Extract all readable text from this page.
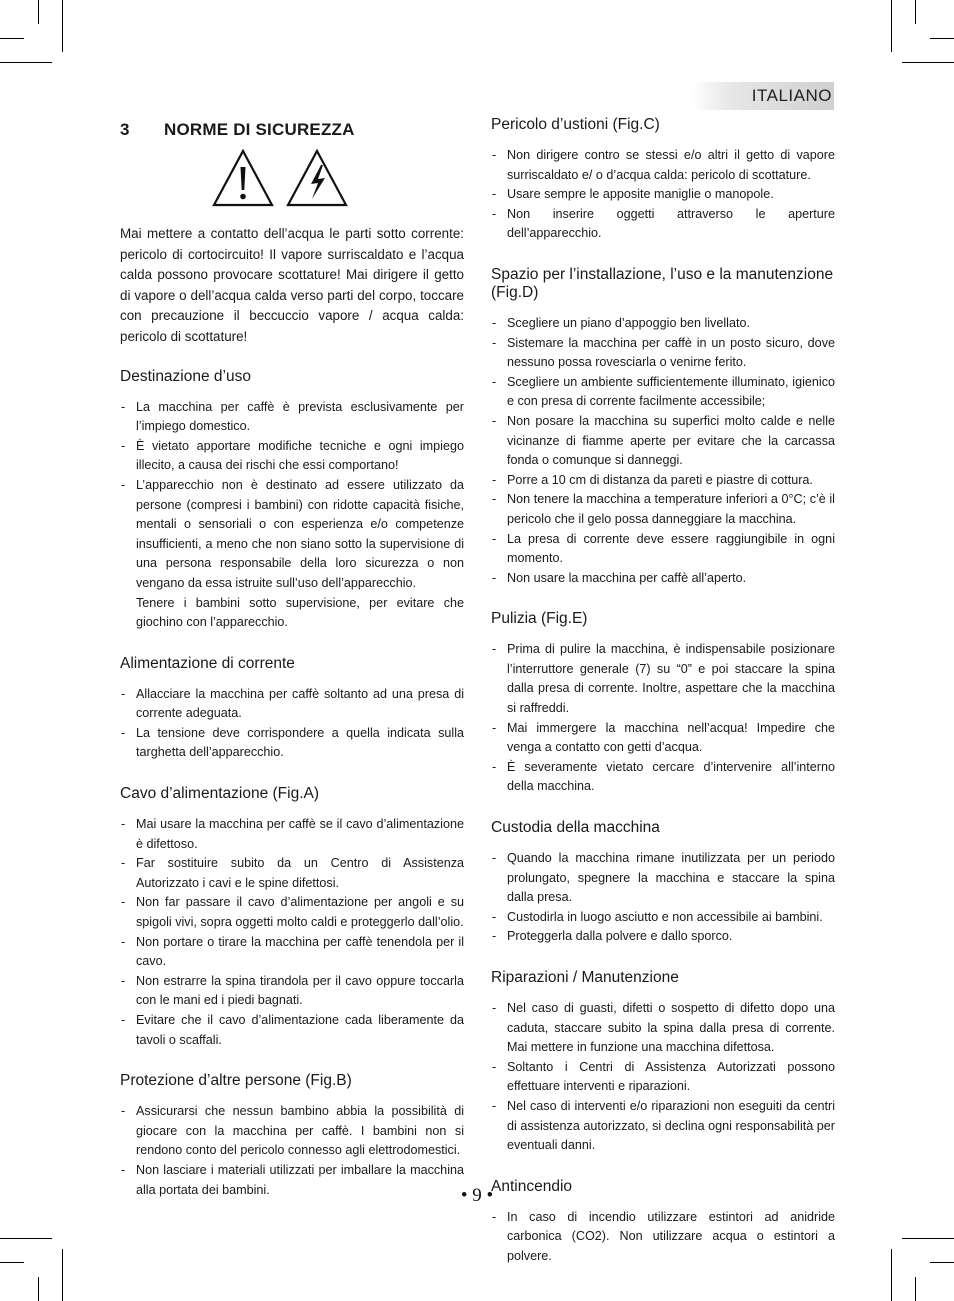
ITALIANO
3 NORME DI SICUREZZA

Mai mettere a contatto dell’acqua le parti sotto corrente: pericolo di cortocircuito! Il vapore surriscaldato e l’acqua calda possono provocare scottature! Mai dirigere il getto di vapore o dell’acqua calda verso parti del corpo, toccare con precauzione il beccuccio vapore / acqua calda: pericolo di scottature!

Destinazione d’uso
- La macchina per caffè è prevista esclusivamente per l’impiego domestico.
- È vietato apportare modifiche tecniche e ogni impiego illecito, a causa dei rischi che essi comportano!
- L’apparecchio non è destinato ad essere utilizzato da persone (compresi i bambini) con ridotte capacità fisiche, mentali o sensoriali o con esperienza e/o competenze insufficienti, a meno che non siano sotto la supervisione di una persona responsabile della loro sicurezza o non vengano da essa istruite sull’uso dell’apparecchio.
Tenere i bambini sotto supervisione, per evitare che giochino con l’apparecchio.
Alimentazione di corrente
- Allacciare la macchina per caffè soltanto ad una presa di corrente adeguata.
- La tensione deve corrispondere a quella indicata sulla targhetta dell’apparecchio.
Cavo d’alimentazione (Fig.A)
- Mai usare la macchina per caffè se il cavo d’alimentazione è difettoso.
- Far sostituire subito da un Centro di Assistenza Autorizzato i cavi e le spine difettosi.
- Non far passare il cavo d’alimentazione per angoli e su spigoli vivi, sopra oggetti molto caldi e proteggerlo dall’olio.
- Non portare o tirare la macchina per caffè tenendola per il cavo.
- Non estrarre la spina tirandola per il cavo oppure toccarla con le mani ed i piedi bagnati.
- Evitare che il cavo d’alimentazione cada liberamente da tavoli o scaffali.
Protezione d’altre persone (Fig.B)
- Assicurarsi che nessun bambino abbia la possibilità di giocare con la macchina per caffè. I bambini non si rendono conto del pericolo connesso agli elettrodomestici.
- Non lasciare i materiali utilizzati per imballare la macchina alla portata dei bambini.
Pericolo d’ustioni (Fig.C)
- Non dirigere contro se stessi e/o altri il getto di vapore surriscaldato e/ o d’acqua calda: pericolo di scottature.
- Usare sempre le apposite maniglie o manopole.
- Non inserire oggetti attraverso le aperture dell’apparecchio.
Spazio per l’installazione, l’uso e la manutenzione (Fig.D)
- Scegliere un piano d’appoggio ben livellato.
- Sistemare la macchina per caffè in un posto sicuro, dove nessuno possa rovesciarla o venirne ferito.
- Scegliere un ambiente sufficientemente illuminato, igienico e con presa di corrente facilmente accessibile;
- Non posare la macchina su superfici molto calde e nelle vicinanze di fiamme aperte per evitare che la carcassa fonda o comunque si danneggi.
- Porre a 10 cm di distanza da pareti e piastre di cottura.
- Non tenere la macchina a temperature inferiori a 0°C; c’è il pericolo che il gelo possa danneggiare la macchina.
- La presa di corrente deve essere raggiungibile in ogni momento.
- Non usare la macchina per caffè all’aperto.
Pulizia (Fig.E)
- Prima di pulire la macchina, è indispensabile posizionare l’interruttore generale (7) su “0” e poi staccare la spina dalla presa di corrente. Inoltre, aspettare che la macchina si raffreddi.
- Mai immergere la macchina nell’acqua! Impedire che venga a contatto con getti d’acqua.
- È severamente vietato cercare d’intervenire all’interno della macchina.
Custodia della macchina
- Quando la macchina rimane inutilizzata per un periodo prolungato, spegnere la macchina e staccare la spina dalla presa.
- Custodirla in luogo asciutto e non accessibile ai bambini.
- Proteggerla dalla polvere e dallo sporco.
Riparazioni / Manutenzione
- Nel caso di guasti, difetti o sospetto di difetto dopo una caduta, staccare subito la spina dalla presa di corrente. Mai mettere in funzione una macchina difettosa.
- Soltanto i Centri di Assistenza Autorizzati possono effettuare interventi e riparazioni.
- Nel caso di interventi e/o riparazioni non eseguiti da centri di assistenza autorizzato, si declina ogni responsabilità per eventuali danni.
Antincendio
- In caso di incendio utilizzare estintori ad anidride carbonica (CO2). Non utilizzare acqua o estintori a polvere.
• 9 •
